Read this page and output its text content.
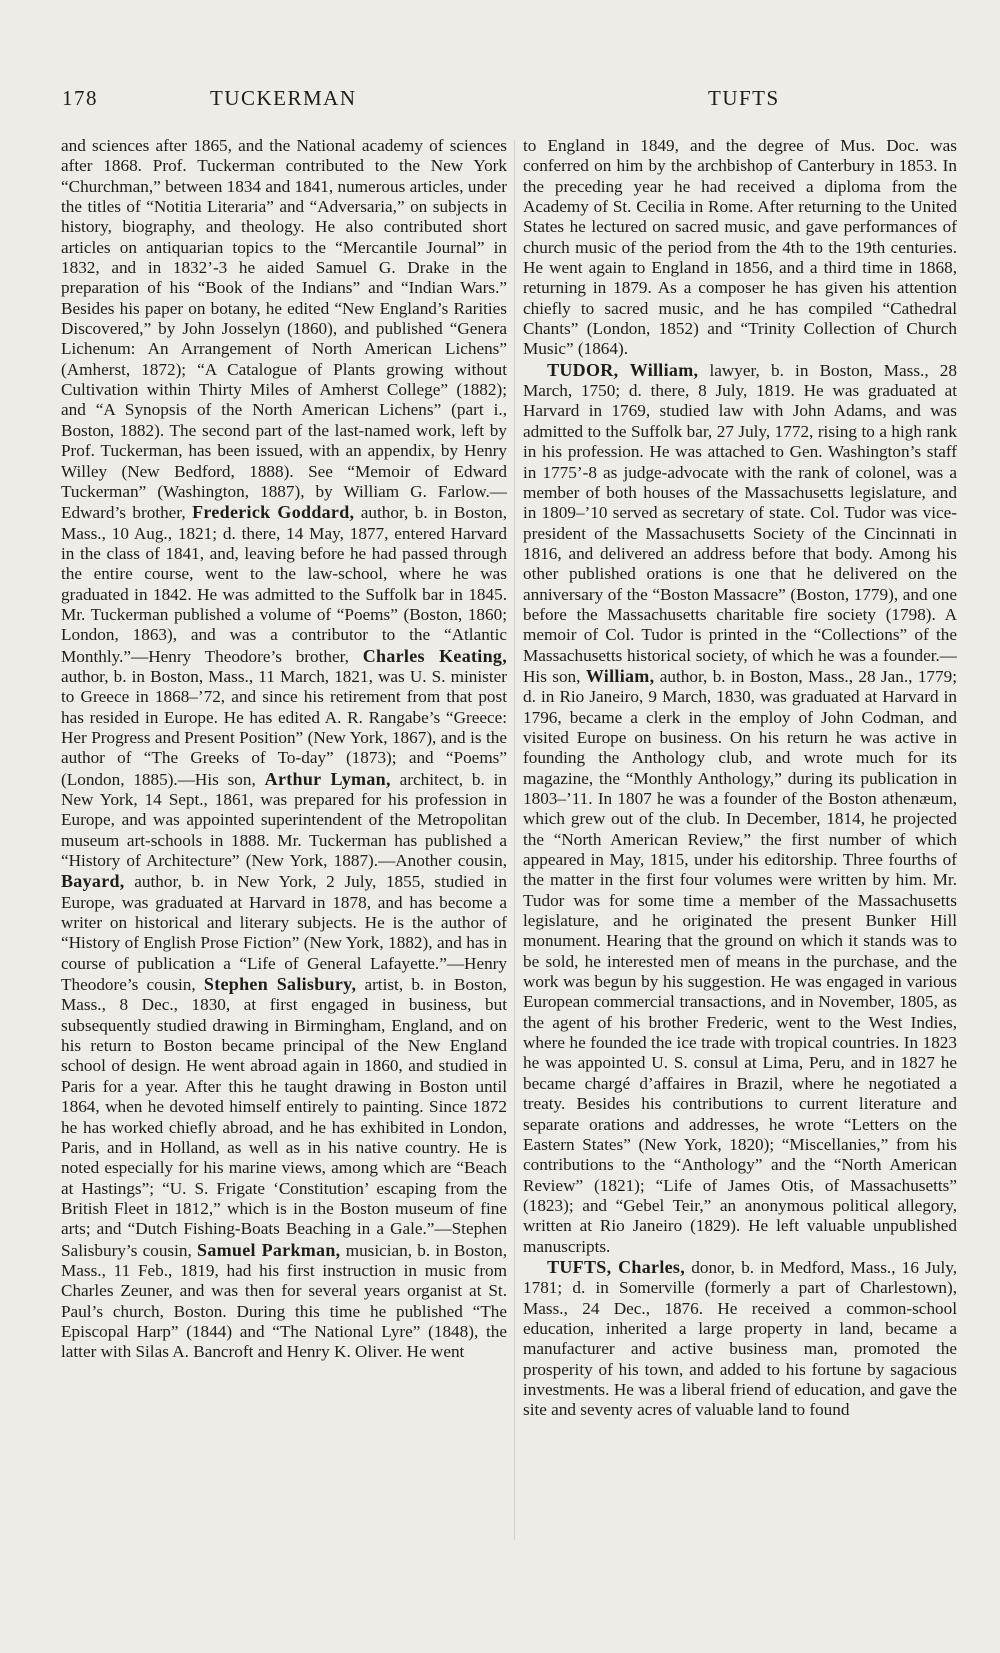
178	TUCKERMAN	TUFTS

and sciences after 1865, and the National academy of sciences after 1868. Prof. Tuckerman contributed to the New York “Churchman,” between 1834 and 1841, numerous articles, under the titles of “Notitia Literaria” and “Adversaria,” on subjects in history, biography, and theology. He also contributed short articles on antiquarian topics to the “Mercantile Journal” in 1832, and in 1832’-3 he aided Samuel G. Drake in the preparation of his “Book of the Indians” and “Indian Wars.” Besides his paper on botany, he edited “New England’s Rarities Discovered,” by John Josselyn (1860), and published “Genera Lichenum: An Arrangement of North American Lichens” (Amherst, 1872); “A Catalogue of Plants growing without Cultivation within Thirty Miles of Amherst College” (1882); and “A Synopsis of the North American Lichens” (part i., Boston, 1882). The second part of the last-named work, left by Prof. Tuckerman, has been issued, with an appendix, by Henry Willey (New Bedford, 1888). See “Memoir of Edward Tuckerman” (Washington, 1887), by William G. Farlow.—Edward’s brother, Frederick Goddard, author, b. in Boston, Mass., 10 Aug., 1821; d. there, 14 May, 1877, entered Harvard in the class of 1841, and, leaving before he had passed through the entire course, went to the law-school, where he was graduated in 1842. He was admitted to the Suffolk bar in 1845. Mr. Tuckerman published a volume of “Poems” (Boston, 1860; London, 1863), and was a contributor to the “Atlantic Monthly.”—Henry Theodore’s brother, Charles Keating, author, b. in Boston, Mass., 11 March, 1821, was U. S. minister to Greece in 1868–’72, and since his retirement from that post has resided in Europe. He has edited A. R. Rangabe’s “Greece: Her Progress and Present Position” (New York, 1867), and is the author of “The Greeks of To-day” (1873); and “Poems” (London, 1885).—His son, Arthur Lyman, architect, b. in New York, 14 Sept., 1861, was prepared for his profession in Europe, and was appointed superintendent of the Metropolitan museum art-schools in 1888. Mr. Tuckerman has published a “History of Architecture” (New York, 1887).—Another cousin, Bayard, author, b. in New York, 2 July, 1855, studied in Europe, was graduated at Harvard in 1878, and has become a writer on historical and literary subjects. He is the author of “History of English Prose Fiction” (New York, 1882), and has in course of publication a “Life of General Lafayette.”—Henry Theodore’s cousin, Stephen Salisbury, artist, b. in Boston, Mass., 8 Dec., 1830, at first engaged in business, but subsequently studied drawing in Birmingham, England, and on his return to Boston became principal of the New England school of design. He went abroad again in 1860, and studied in Paris for a year. After this he taught drawing in Boston until 1864, when he devoted himself entirely to painting. Since 1872 he has worked chiefly abroad, and he has exhibited in London, Paris, and in Holland, as well as in his native country. He is noted especially for his marine views, among which are “Beach at Hastings”; “U. S. Frigate ‘Constitution’ escaping from the British Fleet in 1812,” which is in the Boston museum of fine arts; and “Dutch Fishing-Boats Beaching in a Gale.”—Stephen Salisbury’s cousin, Samuel Parkman, musician, b. in Boston, Mass., 11 Feb., 1819, had his first instruction in music from Charles Zeuner, and was then for several years organist at St. Paul’s church, Boston. During this time he published “The Episcopal Harp” (1844) and “The National Lyre” (1848), the latter with Silas A. Bancroft and Henry K. Oliver. He went

to England in 1849, and the degree of Mus. Doc. was conferred on him by the archbishop of Canterbury in 1853. In the preceding year he had received a diploma from the Academy of St. Cecilia in Rome. After returning to the United States he lectured on sacred music, and gave performances of church music of the period from the 4th to the 19th centuries. He went again to England in 1856, and a third time in 1868, returning in 1879. As a composer he has given his attention chiefly to sacred music, and he has compiled “Cathedral Chants” (London, 1852) and “Trinity Collection of Church Music” (1864).

TUDOR, William, lawyer, b. in Boston, Mass., 28 March, 1750; d. there, 8 July, 1819. He was graduated at Harvard in 1769, studied law with John Adams, and was admitted to the Suffolk bar, 27 July, 1772, rising to a high rank in his profession. He was attached to Gen. Washington’s staff in 1775’-8 as judge-advocate with the rank of colonel, was a member of both houses of the Massachusetts legislature, and in 1809–’10 served as secretary of state. Col. Tudor was vice-president of the Massachusetts Society of the Cincinnati in 1816, and delivered an address before that body. Among his other published orations is one that he delivered on the anniversary of the “Boston Massacre” (Boston, 1779), and one before the Massachusetts charitable fire society (1798). A memoir of Col. Tudor is printed in the “Collections” of the Massachusetts historical society, of which he was a founder.—His son, William, author, b. in Boston, Mass., 28 Jan., 1779; d. in Rio Janeiro, 9 March, 1830, was graduated at Harvard in 1796, became a clerk in the employ of John Codman, and visited Europe on business. On his return he was active in founding the Anthology club, and wrote much for its magazine, the “Monthly Anthology,” during its publication in 1803–’11. In 1807 he was a founder of the Boston athenæum, which grew out of the club. In December, 1814, he projected the “North American Review,” the first number of which appeared in May, 1815, under his editorship. Three fourths of the matter in the first four volumes were written by him. Mr. Tudor was for some time a member of the Massachusetts legislature, and he originated the present Bunker Hill monument. Hearing that the ground on which it stands was to be sold, he interested men of means in the purchase, and the work was begun by his suggestion. He was engaged in various European commercial transactions, and in November, 1805, as the agent of his brother Frederic, went to the West Indies, where he founded the ice trade with tropical countries. In 1823 he was appointed U. S. consul at Lima, Peru, and in 1827 he became chargé d’affaires in Brazil, where he negotiated a treaty. Besides his contributions to current literature and separate orations and addresses, he wrote “Letters on the Eastern States” (New York, 1820); “Miscellanies,” from his contributions to the “Anthology” and the “North American Review” (1821); “Life of James Otis, of Massachusetts” (1823); and “Gebel Teir,” an anonymous political allegory, written at Rio Janeiro (1829). He left valuable unpublished manuscripts.

TUFTS, Charles, donor, b. in Medford, Mass., 16 July, 1781; d. in Somerville (formerly a part of Charlestown), Mass., 24 Dec., 1876. He received a common-school education, inherited a large property in land, became a manufacturer and active business man, promoted the prosperity of his town, and added to his fortune by sagacious investments. He was a liberal friend of education, and gave the site and seventy acres of valuable land to found
